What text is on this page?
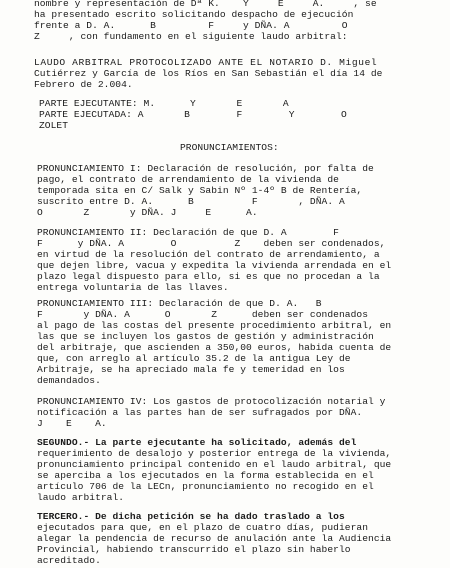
nombre y representación de Dª K.    Y     E     A.     , se
ha presentado escrito solicitando despacho de ejecución
frente a D. A.      B         F     y DÑA. A         O
Z     , con fundamento en el siguiente laudo arbitral:
LAUDO ARBITRAL PROTOCOLIZADO ANTE EL NOTARIO D. Miguel
Cutiérrez y García de los Ríos en San Sebastián el día 14 de
Febrero de 2.004.
PARTE EJECUTANTE: M.      Y       E       A
PARTE EJECUTADA: A       B        F        Y        O
ZOLET
PRONUNCIAMIENTOS:
PRONUNCIAMIENTO I: Declaración de resolución, por falta de
pago, el contrato de arrendamiento de la vivienda de
temporada sita en C/ Salk y Sabin Nº 1-4º B de Rentería,
suscrito entre D. A.      B          F       , DÑA. A
O       Z       y DÑA. J     E      A.
PRONUNCIAMIENTO II: Declaración de que D. A        F
F      y DÑA. A        O          Z    deben ser condenados,
en virtud de la resolución del contrato de arrendamiento, a
que dejen libre, vacua y expedita la vivienda arrendada en el
plazo legal dispuesto para ello, si es que no procedan a la
entrega voluntaria de las llaves.
PRONUNCIAMIENTO III: Declaración de que D. A.   B
F       y DÑA. A      O       Z      deben ser condenados
al pago de las costas del presente procedimiento arbitral, en
las que se incluyen los gastos de gestión y administración
del arbitraje, que ascienden a 350,00 euros, habida cuenta de
que, con arreglo al artículo 35.2 de la antigua Ley de
Arbitraje, se ha apreciado mala fe y temeridad en los
demandados.
PRONUNCIAMIENTO IV: Los gastos de protocolización notarial y
notificación a las partes han de ser sufragados por DÑA.
J    E    A.
SEGUNDO.- La parte ejecutante ha solicitado, además del
requerimiento de desalojo y posterior entrega de la vivienda,
pronunciamiento principal contenido en el laudo arbitral, que
se aperciba a los ejecutados en la forma establecida en el
artículo 706 de la LECn, pronunciamiento no recogido en el
laudo arbitral.
TERCERO.- De dicha petición se ha dado traslado a los
ejecutados para que, en el plazo de cuatro días, pudieran
alegar la pendencia de recurso de anulación ante la Audiencia
Provincial, habiendo transcurrido el plazo sin haberlo
acreditado.
